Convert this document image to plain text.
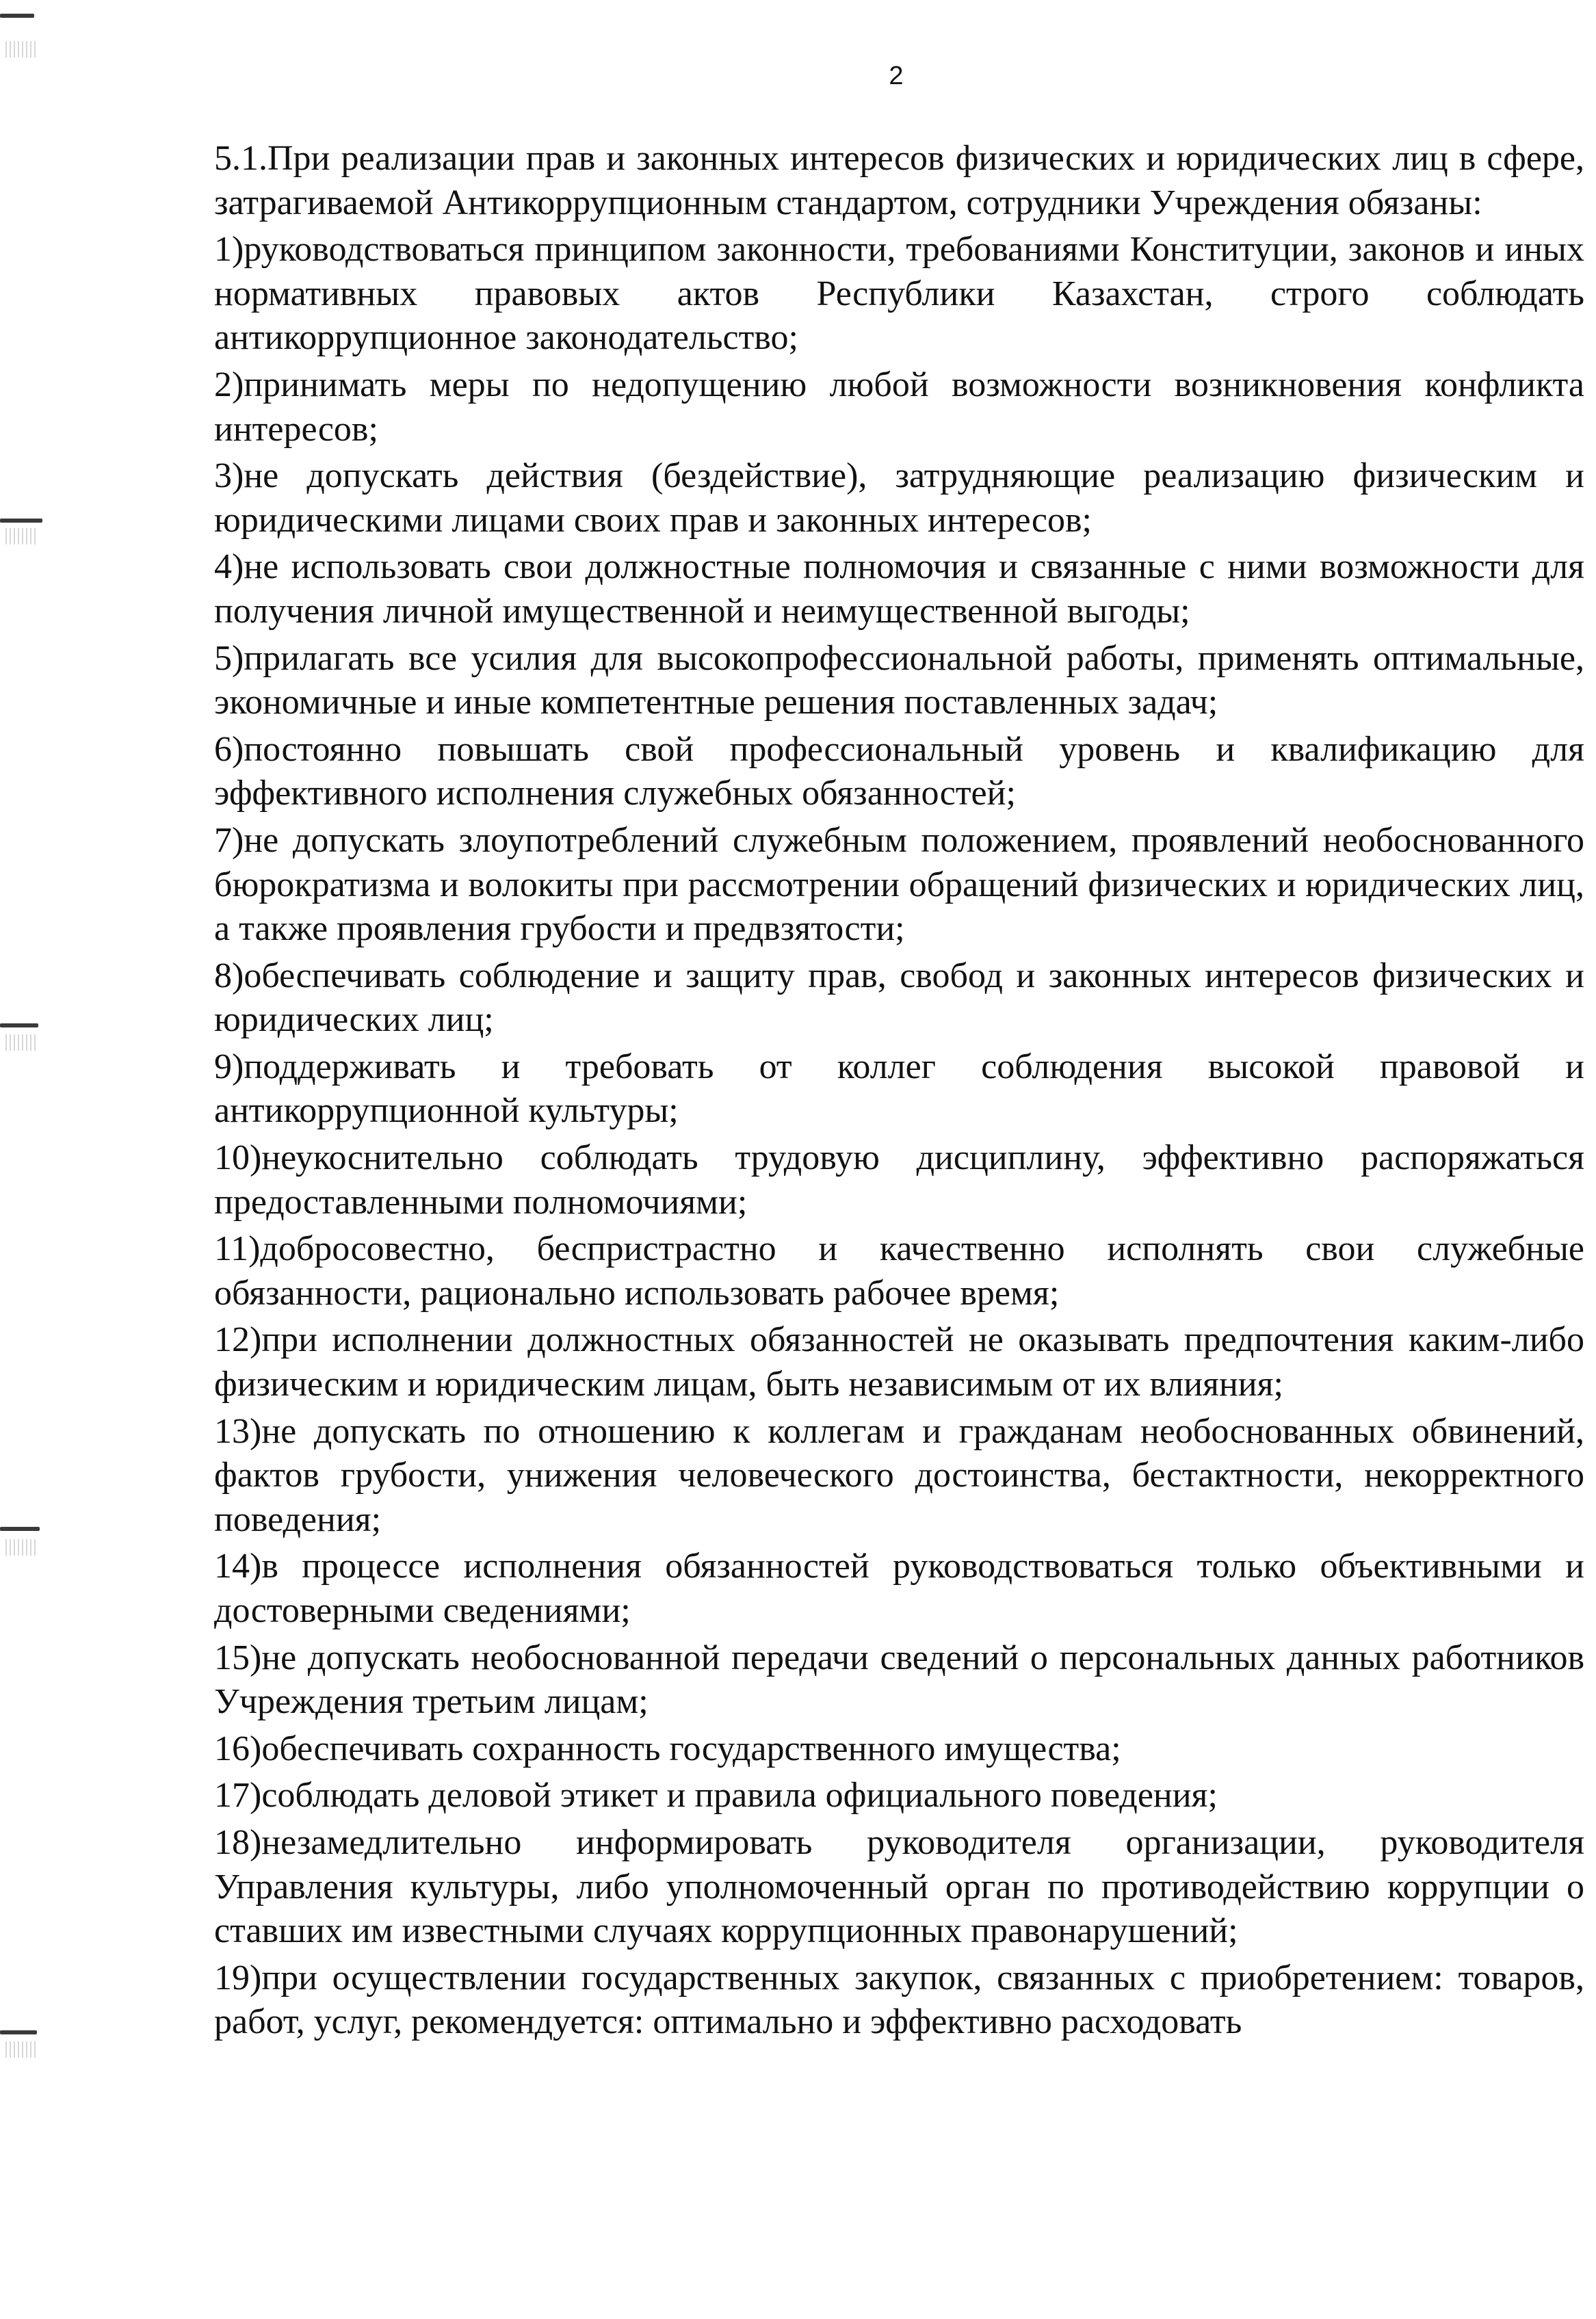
2

5.1.При реализации прав и законных интересов физических и юридических лиц в сфере, затрагиваемой Антикоррупционным стандартом, сотрудники Учреждения обязаны:

1)руководствоваться принципом законности, требованиями Конституции, законов и иных нормативных правовых актов Республики Казахстан, строго соблюдать антикоррупционное законодательство;

2)принимать меры по недопущению любой возможности возникновения конфликта интересов;

3)не допускать действия (бездействие), затрудняющие реализацию физическим и юридическими лицами своих прав и законных интересов;

4)не использовать свои должностные полномочия и связанные с ними возможности для получения личной имущественной и неимущественной выгоды;

5)прилагать все усилия для высокопрофессиональной работы, применять оптимальные, экономичные и иные компетентные решения поставленных задач;

6)постоянно повышать свой профессиональный уровень и квалификацию для эффективного исполнения служебных обязанностей;

7)не допускать злоупотреблений служебным положением, проявлений необоснованного бюрократизма и волокиты при рассмотрении обращений физических и юридических лиц, а также проявления грубости и предвзятости;

8)обеспечивать соблюдение и защиту прав, свобод и законных интересов физических и юридических лиц;

9)поддерживать и требовать от коллег соблюдения высокой правовой и антикоррупционной культуры;

10)неукоснительно соблюдать трудовую дисциплину, эффективно распоряжаться предоставленными полномочиями;

11)добросовестно, беспристрастно и качественно исполнять свои служебные обязанности, рационально использовать рабочее время;

12)при исполнении должностных обязанностей не оказывать предпочтения каким-либо физическим и юридическим лицам, быть независимым от их влияния;

13)не допускать по отношению к коллегам и гражданам необоснованных обвинений, фактов грубости, унижения человеческого достоинства, бестактности, некорректного поведения;

14)в процессе исполнения обязанностей руководствоваться только объективными и достоверными сведениями;

15)не допускать необоснованной передачи сведений о персональных данных работников Учреждения третьим лицам;

16)обеспечивать сохранность государственного имущества;

17)соблюдать деловой этикет и правила официального поведения;

18)незамедлительно информировать руководителя организации, руководителя Управления культуры, либо уполномоченный орган по противодействию коррупции о ставших им известными случаях коррупционных правонарушений;

19)при осуществлении государственных закупок, связанных с приобретением: товаров, работ, услуг, рекомендуется: оптимально и эффективно расходовать
